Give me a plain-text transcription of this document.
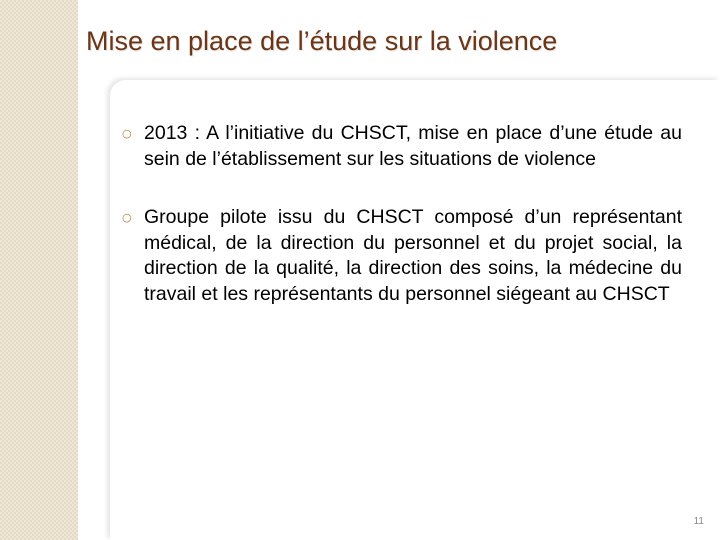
Mise en place de l’étude sur la violence
○ 2013 : A l’initiative du CHSCT, mise en place d’une étude au sein de l’établissement sur les situations de violence
○ Groupe pilote issu du CHSCT composé d’un représentant médical, de la direction du personnel et du projet social, la direction de la qualité, la direction des soins, la médecine du travail et les représentants du personnel siégeant au CHSCT
11
